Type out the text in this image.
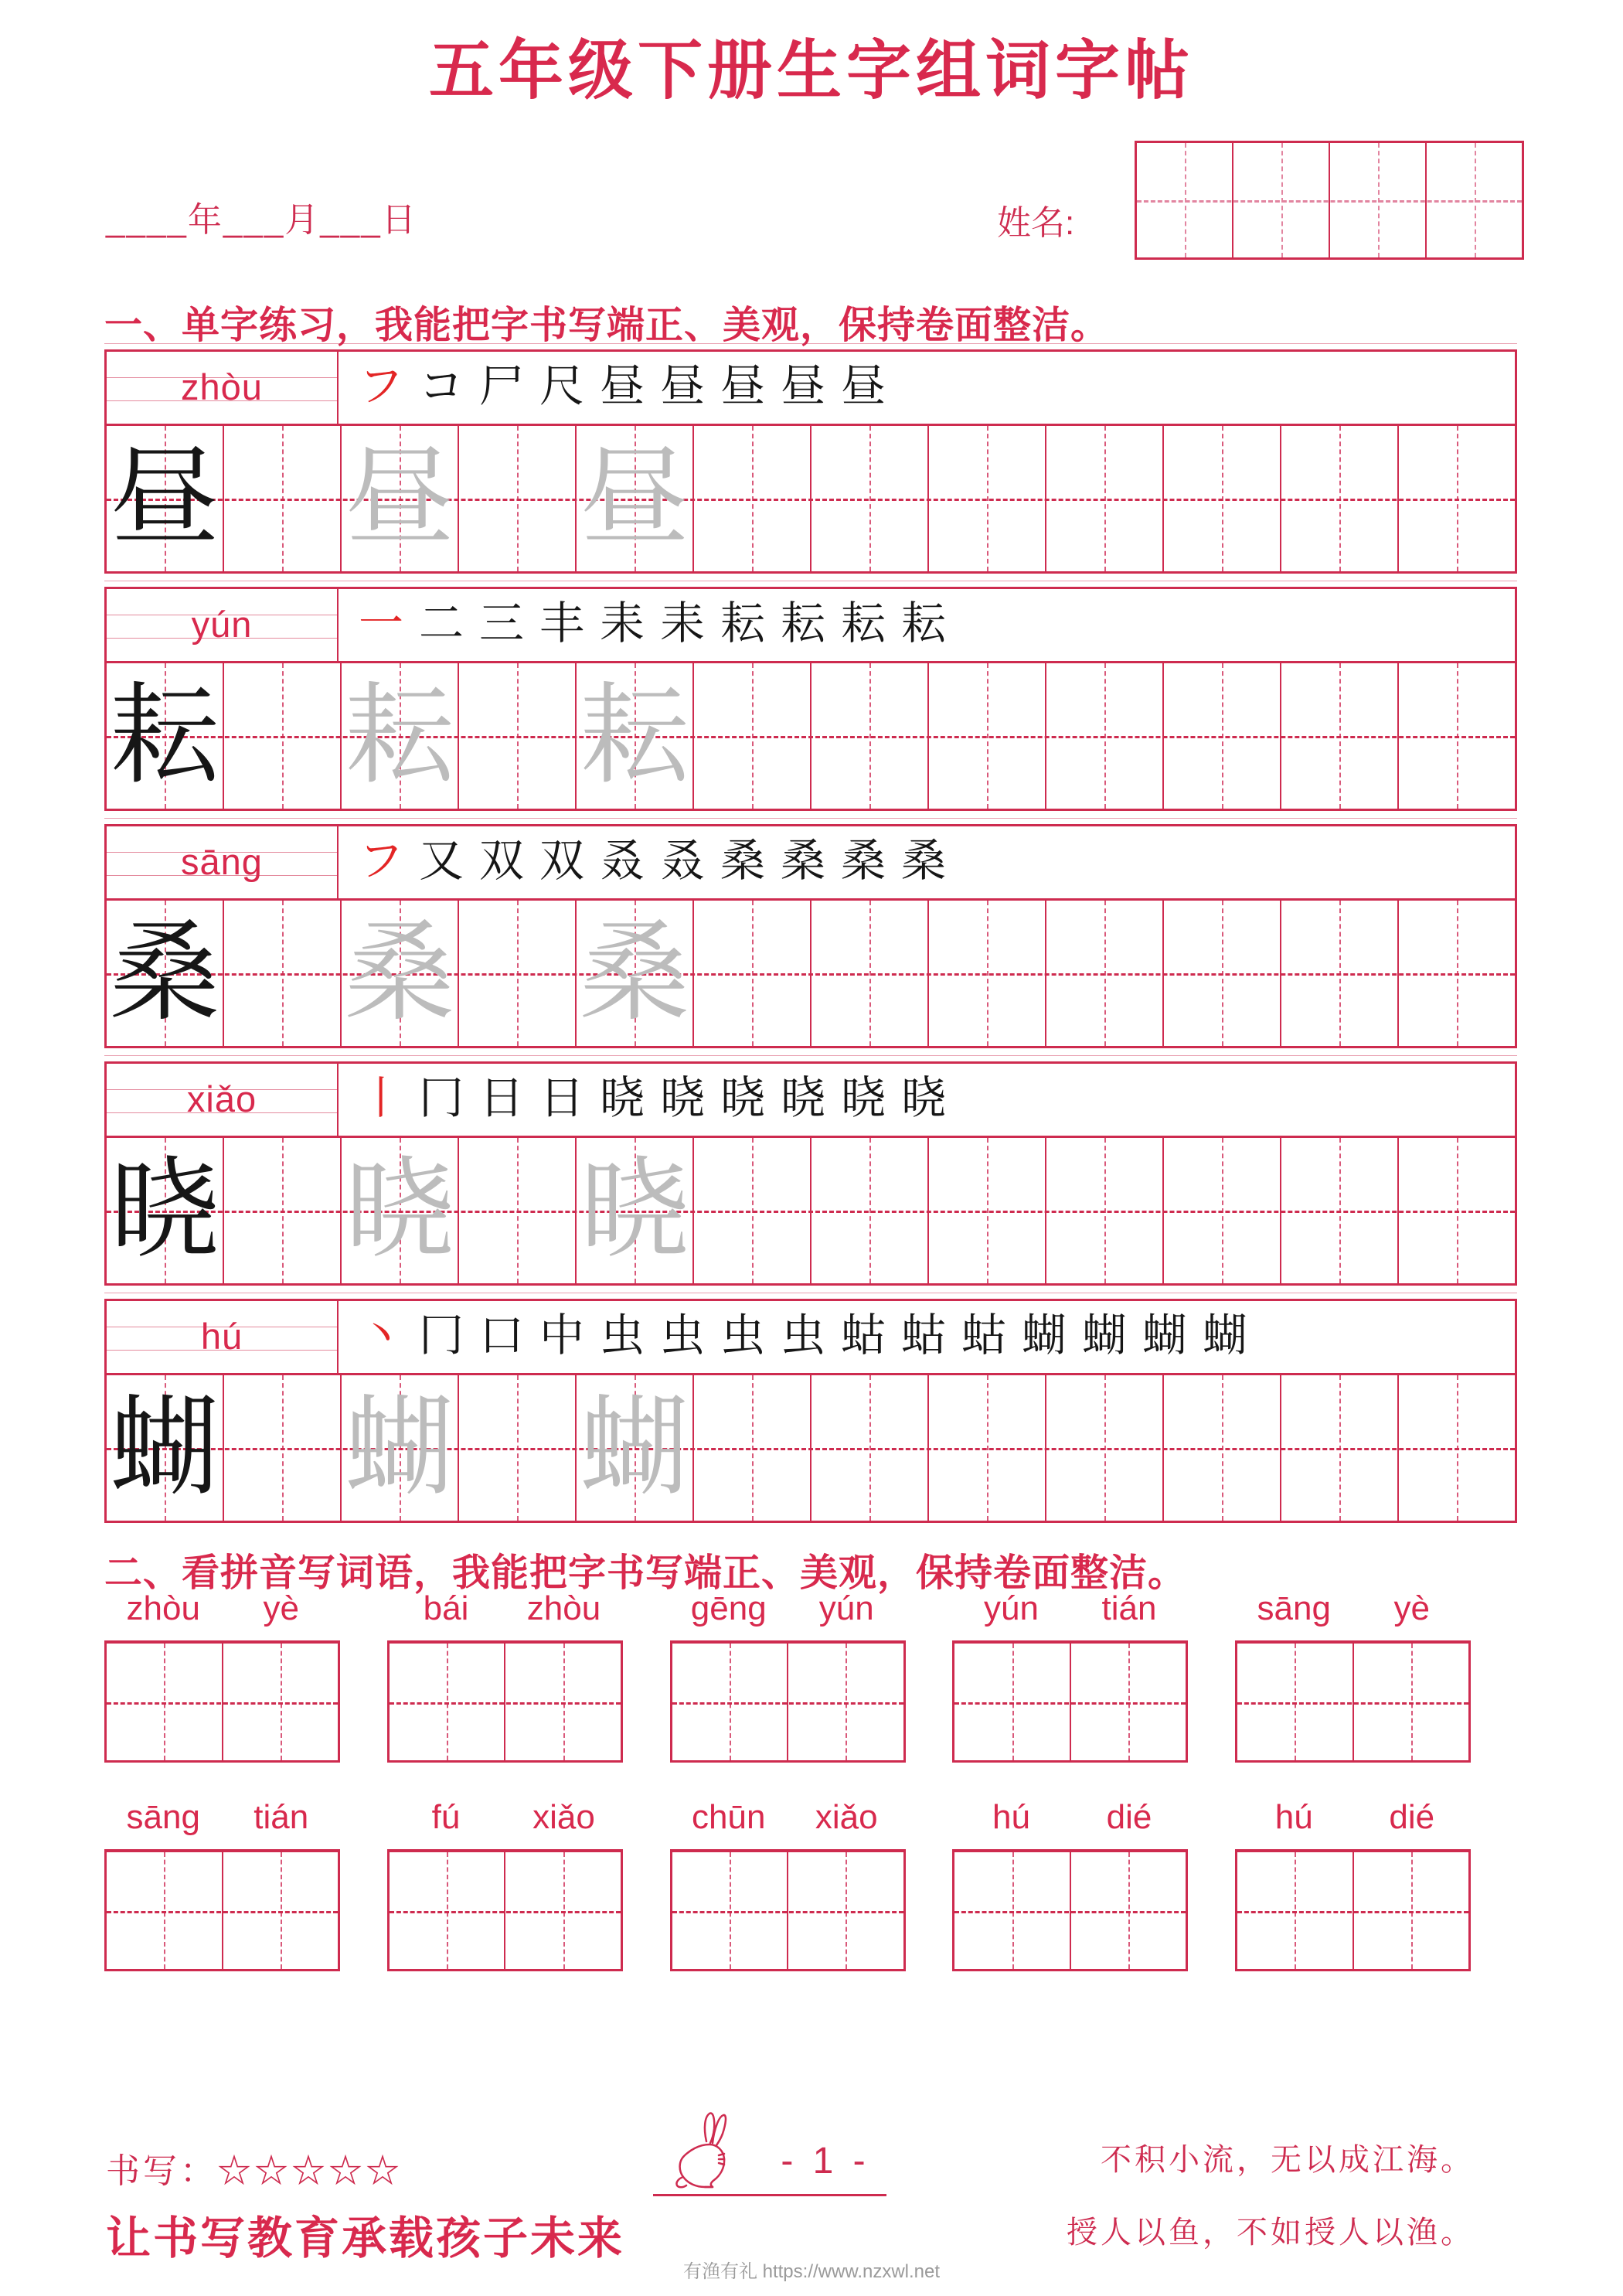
五年级下册生字组词字帖
____年___月___日	姓名:
一、单字练习，我能把字书写端正、美观，保持卷面整洁。
zhòu	フ コ 尸 尺 昼 昼 昼 昼 昼
昼 昼 昼
yún	一 二 三 丰 耒 耒 耘 耘 耘 耘
耘 耘 耘
sāng	フ 又 双 双 叒 叒 桑 桑 桑 桑
桑 桑 桑
xiǎo	丨 冂 日 日 晓 晓 晓 晓 晓 晓
晓 晓 晓
hú	丶 冂 口 中 虫 虫 虫 虫 蛄 蛄 蛄 蝴 蝴 蝴 蝴
蝴 蝴 蝴
二、看拼音写词语，我能把字书写端正、美观，保持卷面整洁。
zhòu	yè	bái	zhòu	gēng	yún	yún	tián	sāng	yè
sāng	tián	fú	xiǎo	chūn	xiǎo	hú	dié	hú	dié
书写：☆☆☆☆☆	- 1 -
让书写教育承载孩子未来
不积小流，无以成江海。
授人以鱼，不如授人以渔。
有渔有礼 https://www.nzxwl.net
